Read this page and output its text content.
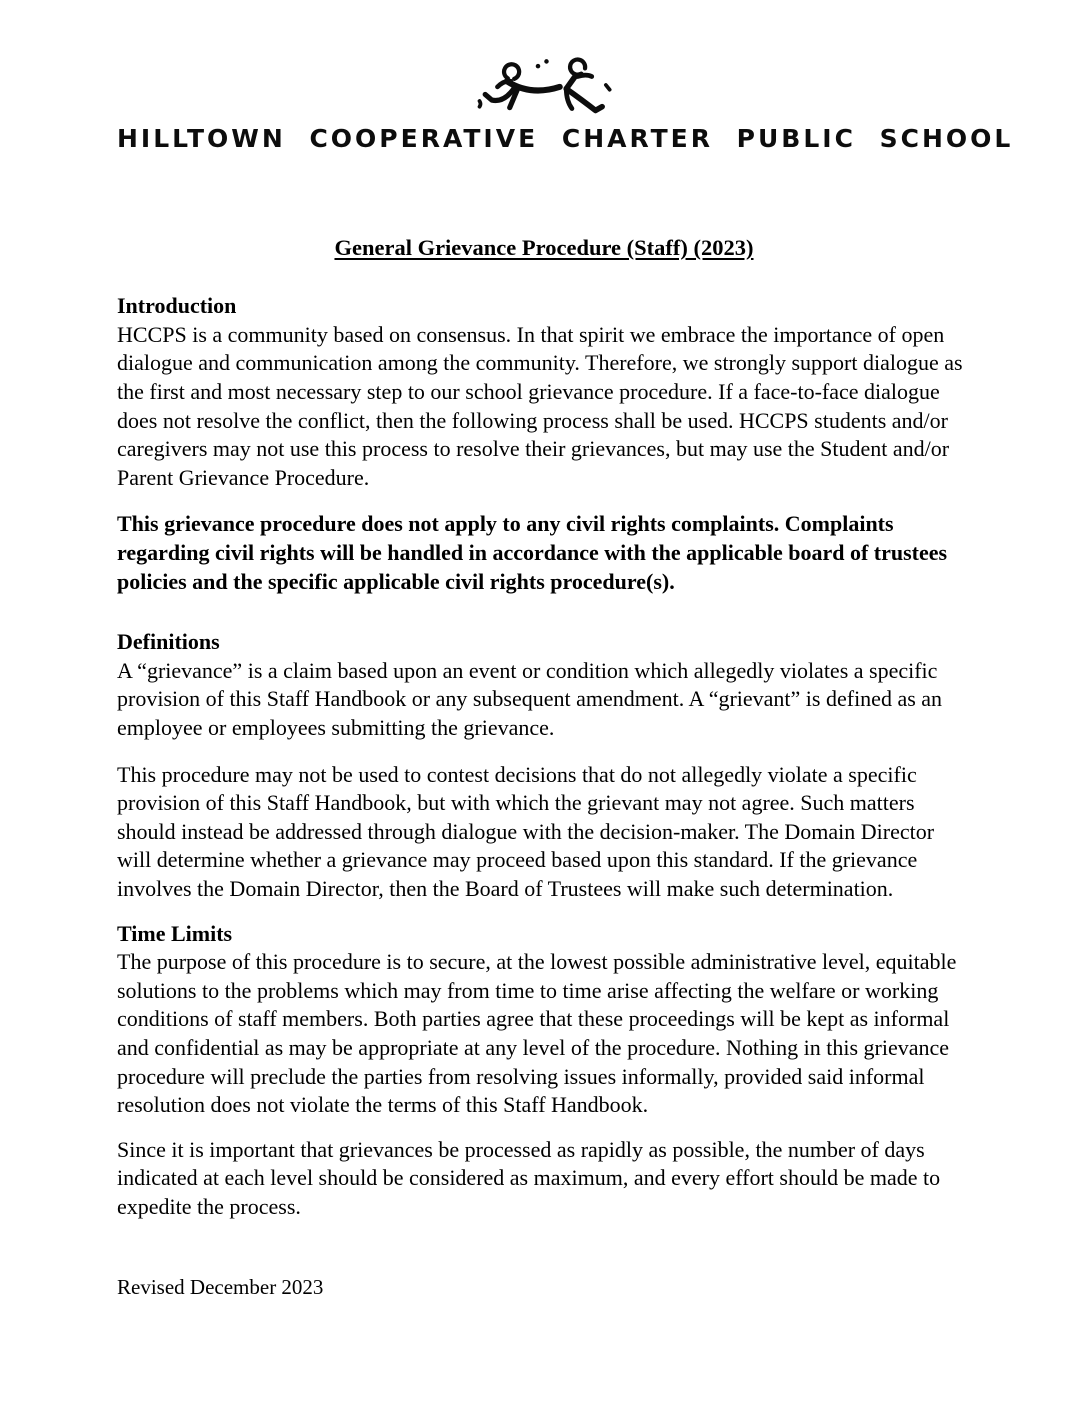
HILLTOWN COOPERATIVE CHARTER PUBLIC SCHOOL
General Grievance Procedure (Staff) (2023)
Introduction

HCCPS is a community based on consensus. In that spirit we embrace the importance of open dialogue and communication among the community. Therefore, we strongly support dialogue as the first and most necessary step to our school grievance procedure. If a face-to-face dialogue does not resolve the conflict, then the following process shall be used. HCCPS students and/or caregivers may not use this process to resolve their grievances, but may use the Student and/or Parent Grievance Procedure.

This grievance procedure does not apply to any civil rights complaints. Complaints regarding civil rights will be handled in accordance with the applicable board of trustees policies and the specific applicable civil rights procedure(s).

Definitions

A “grievance” is a claim based upon an event or condition which allegedly violates a specific provision of this Staff Handbook or any subsequent amendment. A “grievant” is defined as an employee or employees submitting the grievance.

This procedure may not be used to contest decisions that do not allegedly violate a specific provision of this Staff Handbook, but with which the grievant may not agree. Such matters should instead be addressed through dialogue with the decision-maker. The Domain Director will determine whether a grievance may proceed based upon this standard. If the grievance involves the Domain Director, then the Board of Trustees will make such determination.

Time Limits

The purpose of this procedure is to secure, at the lowest possible administrative level, equitable solutions to the problems which may from time to time arise affecting the welfare or working conditions of staff members. Both parties agree that these proceedings will be kept as informal and confidential as may be appropriate at any level of the procedure. Nothing in this grievance procedure will preclude the parties from resolving issues informally, provided said informal resolution does not violate the terms of this Staff Handbook.

Since it is important that grievances be processed as rapidly as possible, the number of days indicated at each level should be considered as maximum, and every effort should be made to expedite the process.

Revised December 2023
